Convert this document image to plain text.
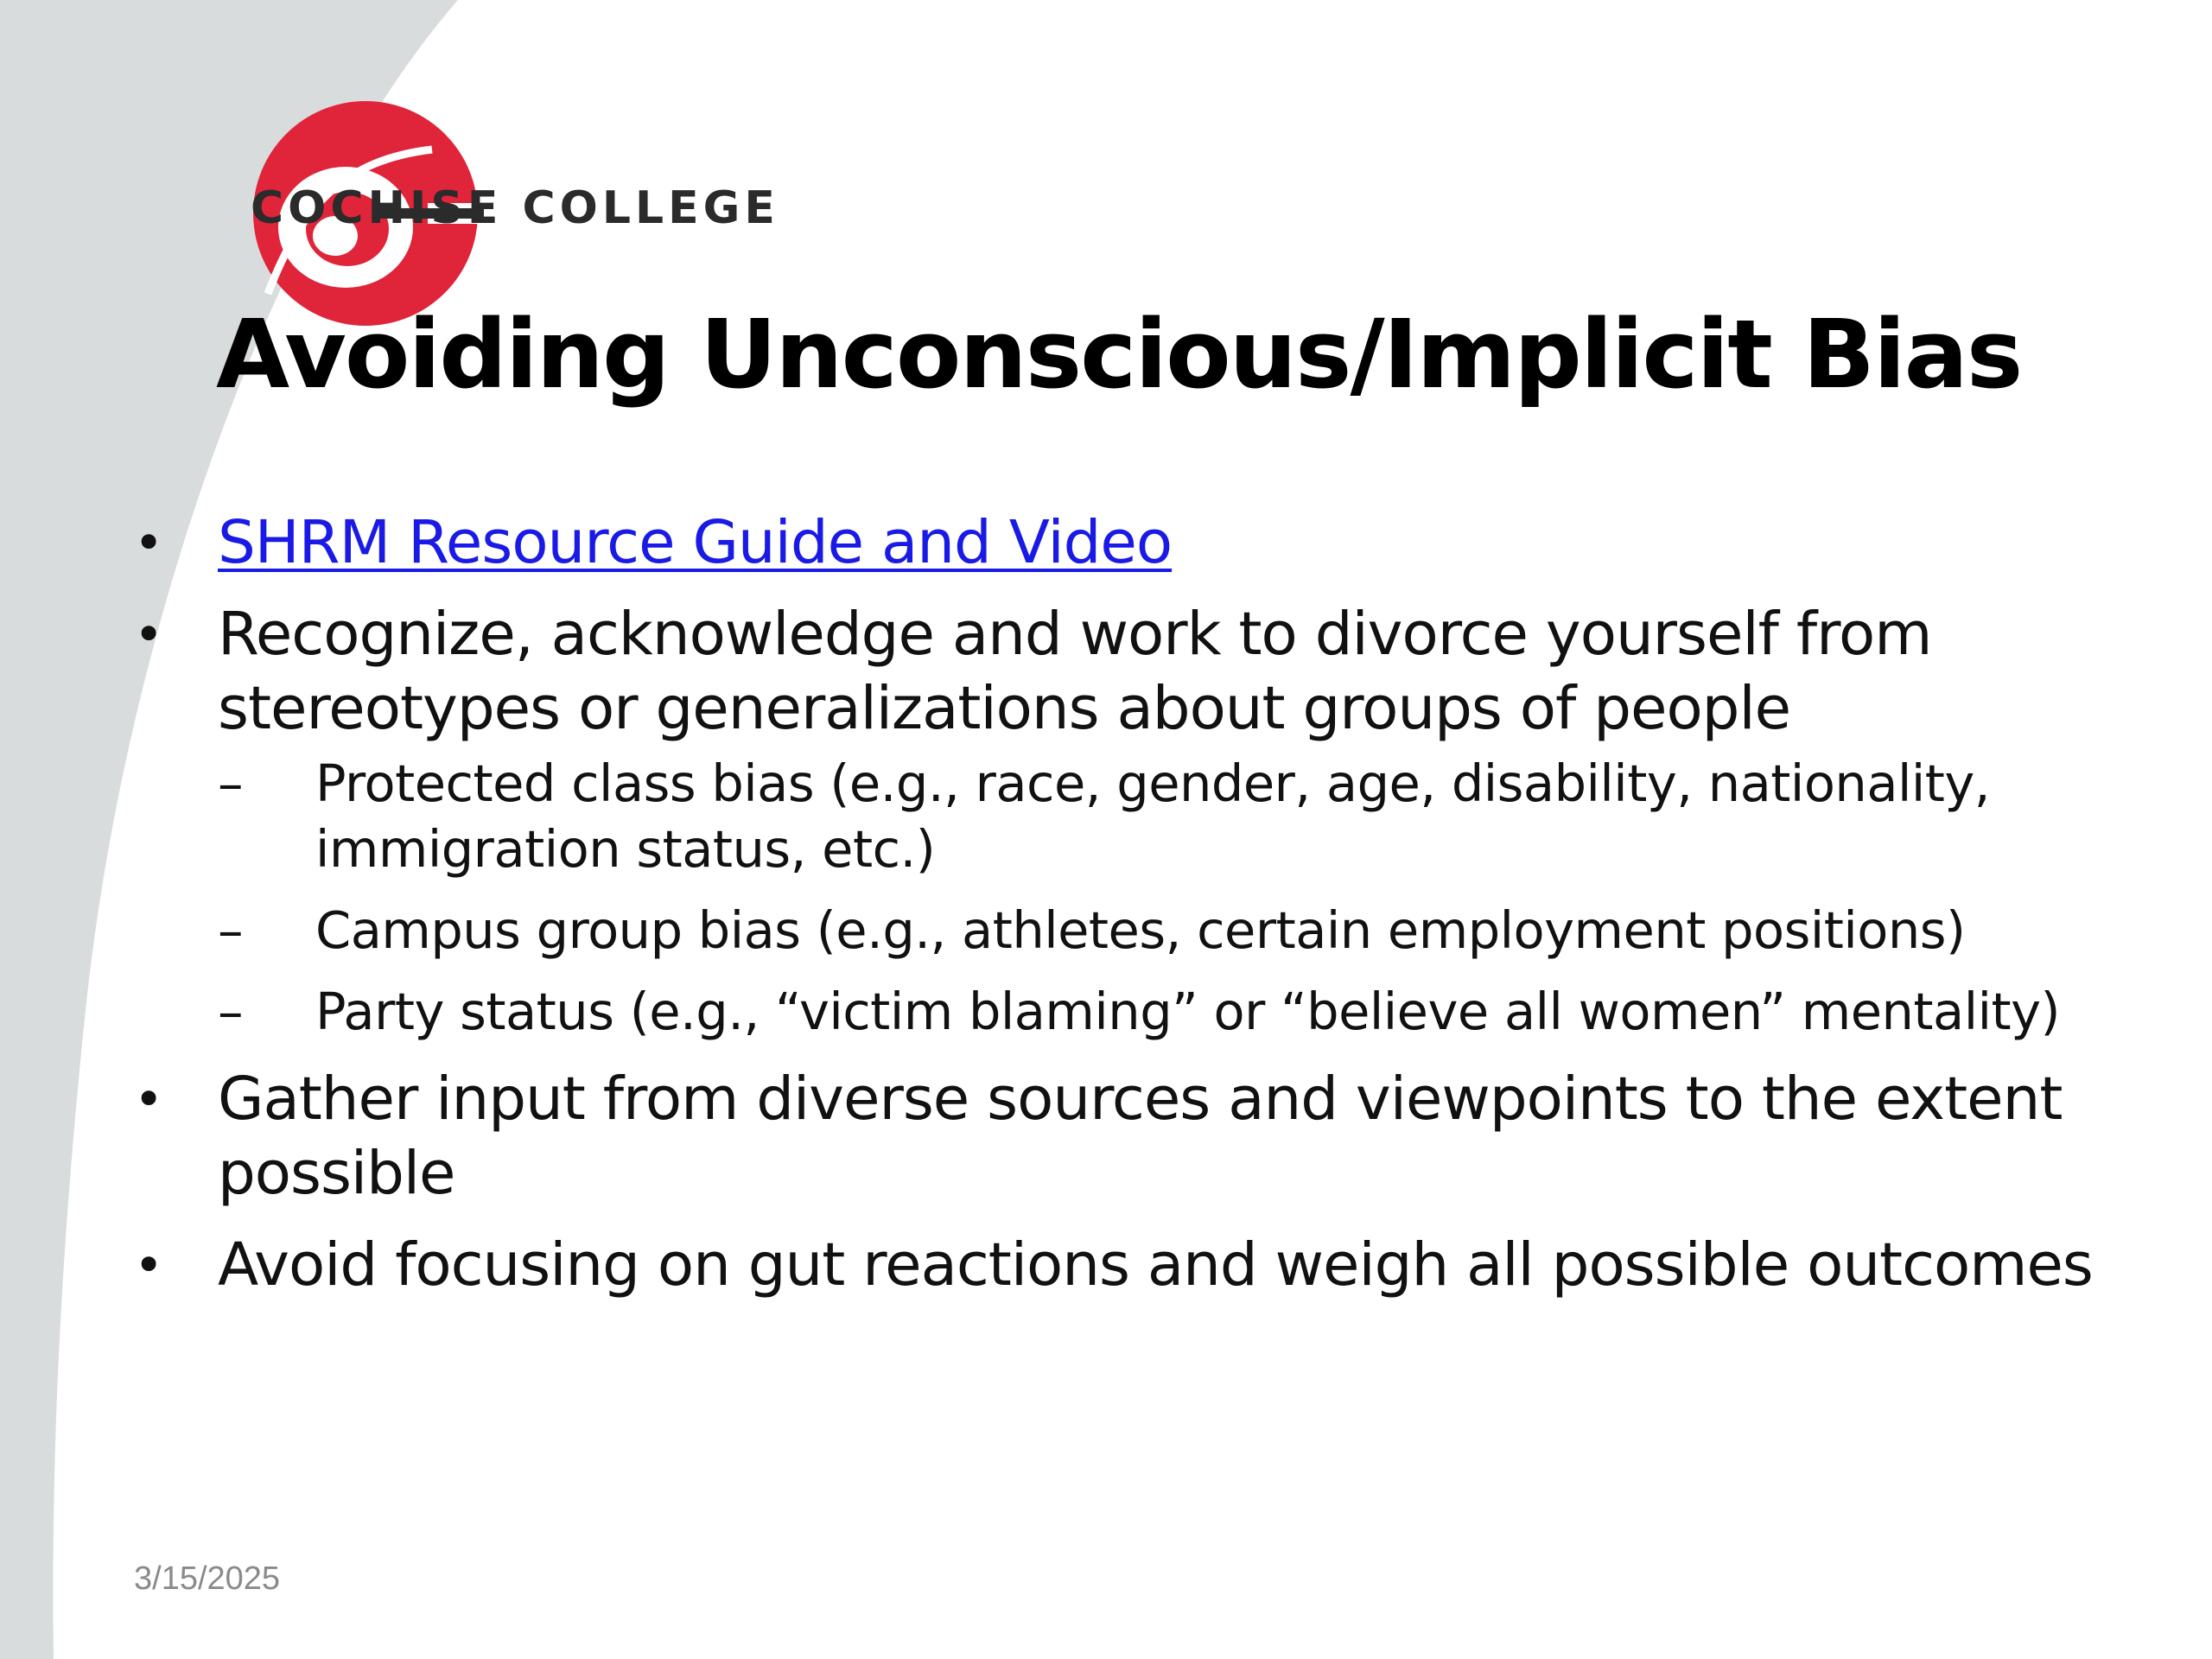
COCHISE COLLEGE
Avoiding Unconscious/Implicit Bias
• SHRM Resource Guide and Video
• Recognize, acknowledge and work to divorce yourself from stereotypes or generalizations about groups of people
– Protected class bias (e.g., race, gender, age, disability, nationality, immigration status, etc.)
– Campus group bias (e.g., athletes, certain employment positions)
– Party status (e.g., “victim blaming” or “believe all women” mentality)
• Gather input from diverse sources and viewpoints to the extent possible
• Avoid focusing on gut reactions and weigh all possible outcomes
3/15/2025
